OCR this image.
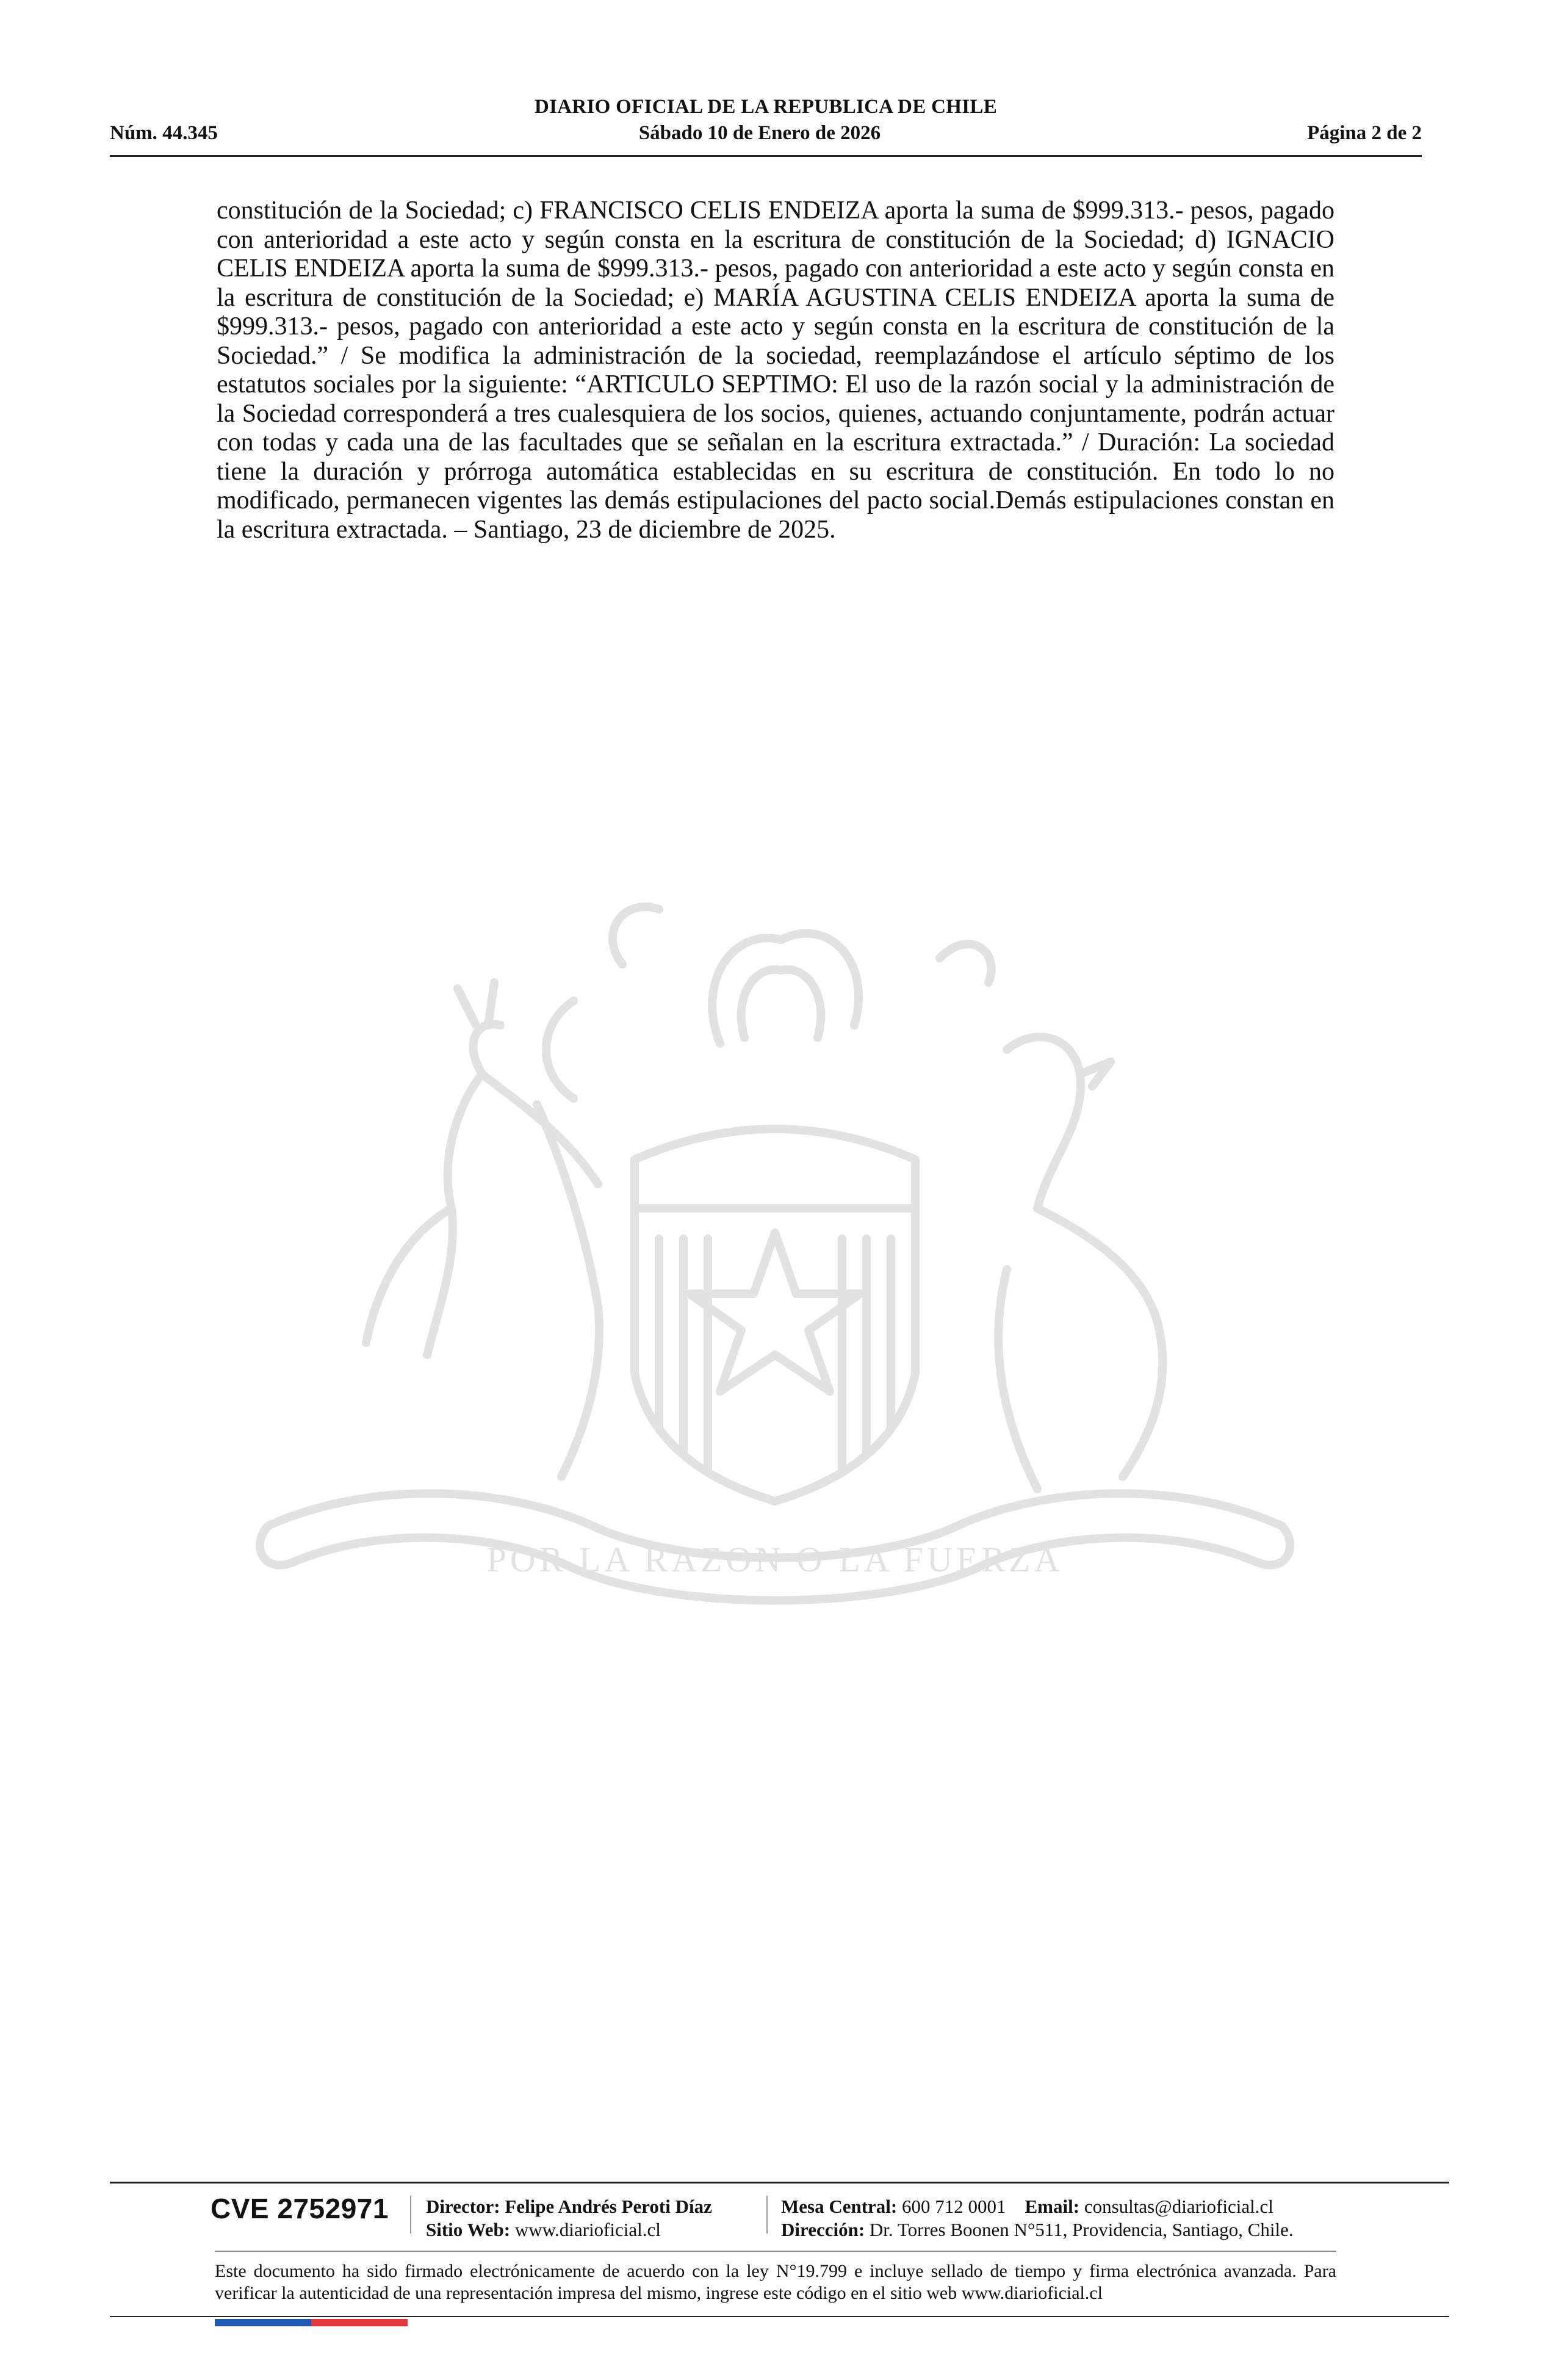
DIARIO OFICIAL DE LA REPUBLICA DE CHILE
Núm. 44.345	Sábado 10 de Enero de 2026	Página 2 de 2
POR LA RAZON O LA FUERZA
constitución de la Sociedad; c) FRANCISCO CELIS ENDEIZA aporta la suma de $999.313.- pesos, pagado con anterioridad a este acto y según consta en la escritura de constitución de la Sociedad; d) IGNACIO CELIS ENDEIZA aporta la suma de $999.313.- pesos, pagado con anterioridad a este acto y según consta en la escritura de constitución de la Sociedad; e) MARÍA AGUSTINA CELIS ENDEIZA aporta la suma de $999.313.- pesos, pagado con anterioridad a este acto y según consta en la escritura de constitución de la Sociedad.” / Se modifica la administración de la sociedad, reemplazándose el artículo séptimo de los estatutos sociales por la siguiente: “ARTICULO SEPTIMO: El uso de la razón social y la administración de la Sociedad corresponderá a tres cualesquiera de los socios, quienes, actuando conjuntamente, podrán actuar con todas y cada una de las facultades que se señalan en la escritura extractada.” / Duración: La sociedad tiene la duración y prórroga automática establecidas en su escritura de constitución. En todo lo no modificado, permanecen vigentes las demás estipulaciones del pacto social.Demás estipulaciones constan en la escritura extractada. – Santiago, 23 de diciembre de 2025.
CVE 2752971 Director: Felipe Andrés Peroti Díaz
Sitio Web: www.diarioficial.cl
Mesa Central: 600 712 0001 Email: consultas@diarioficial.cl
Dirección: Dr. Torres Boonen N°511, Providencia, Santiago, Chile.
Este documento ha sido firmado electrónicamente de acuerdo con la ley N°19.799 e incluye sellado de tiempo y firma electrónica avanzada. Para verificar la autenticidad de una representación impresa del mismo, ingrese este código en el sitio web www.diarioficial.cl
